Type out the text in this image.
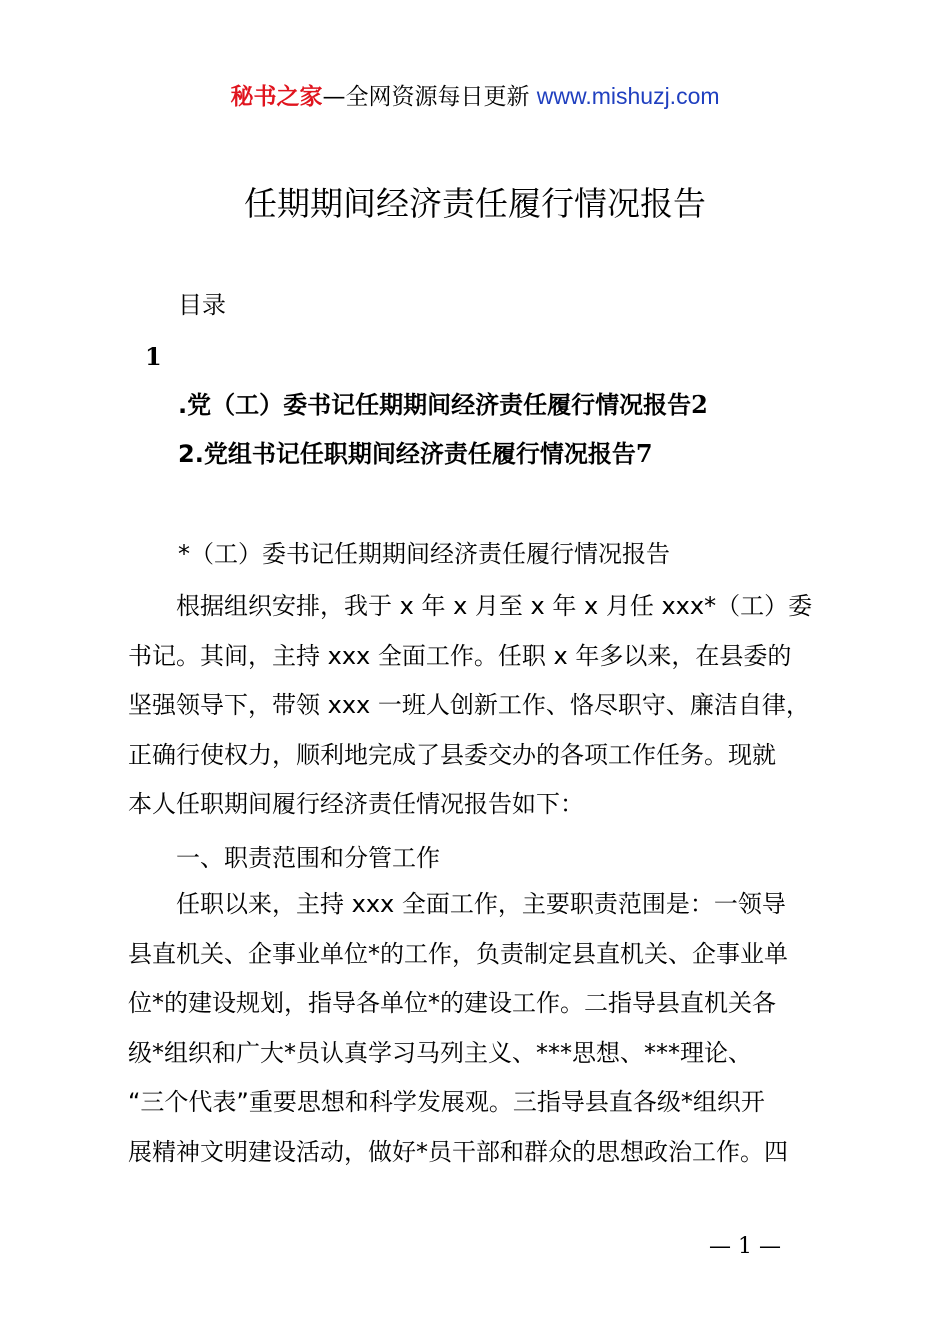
秘书之家—全网资源每日更新 www.mishuzj.com
任期期间经济责任履行情况报告
目录
1
.党（工）委书记任期期间经济责任履行情况报告2
2.党组书记任职期间经济责任履行情况报告7
*（工）委书记任期期间经济责任履行情况报告
　　根据组织安排，我于 x 年 x 月至 x 年 x 月任 xxx*（工）委
书记。其间，主持 xxx 全面工作。任职 x 年多以来，在县委的
坚强领导下，带领 xxx 一班人创新工作、恪尽职守、廉洁自律，
正确行使权力，顺利地完成了县委交办的各项工作任务。现就
本人任职期间履行经济责任情况报告如下：
　　一、职责范围和分管工作
　　任职以来，主持 xxx 全面工作，主要职责范围是：一领导
县直机关、企事业单位*的工作，负责制定县直机关、企事业单
位*的建设规划，指导各单位*的建设工作。二指导县直机关各
级*组织和广大*员认真学习马列主义、***思想、***理论、
“三个代表”重要思想和科学发展观。三指导县直各级*组织开
展精神文明建设活动，做好*员干部和群众的思想政治工作。四
— 1 —
